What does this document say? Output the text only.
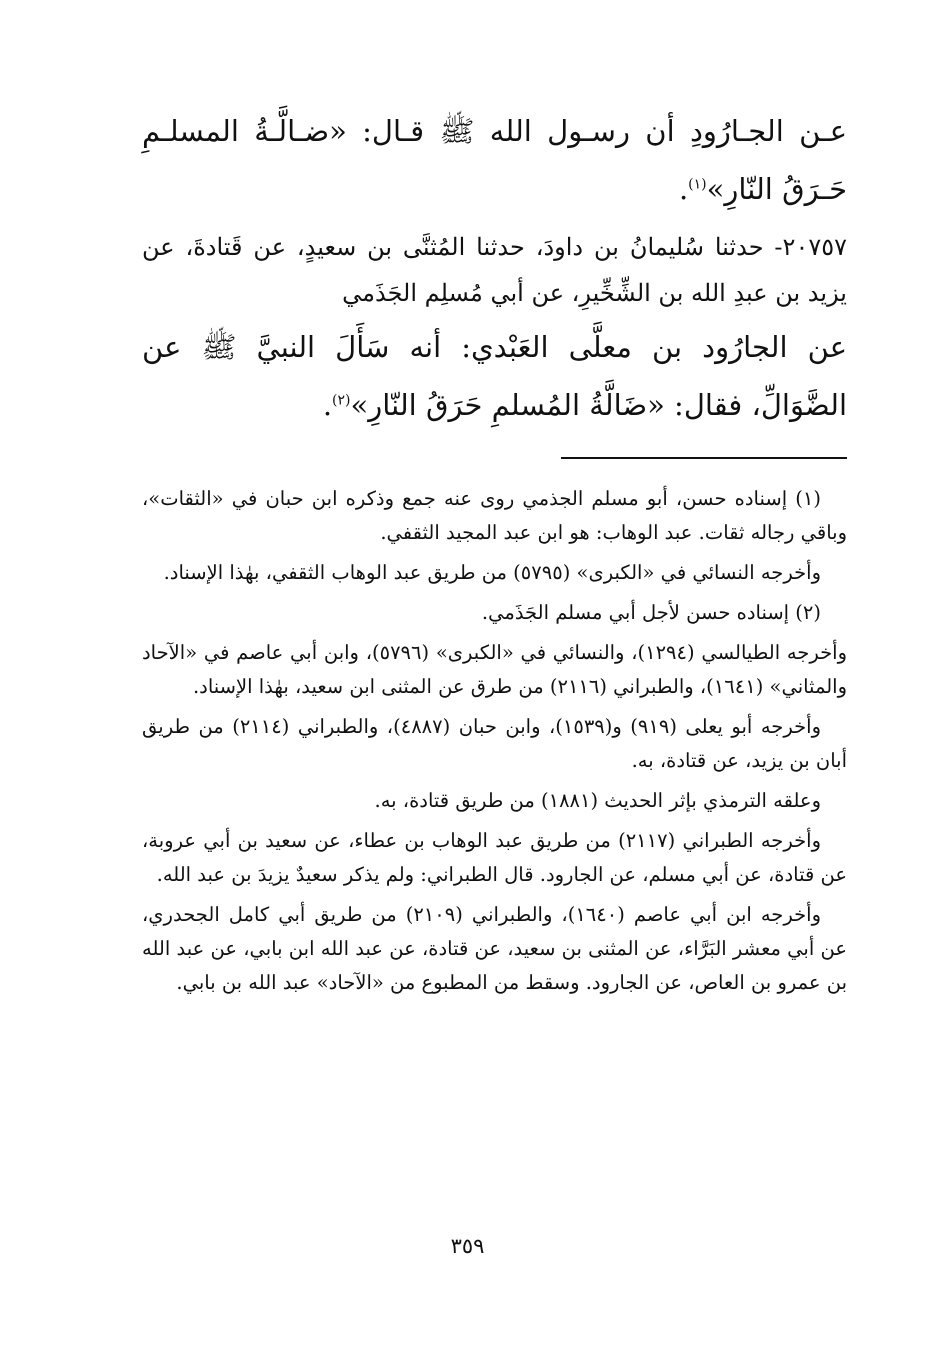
عـن الجـارُودِ أن رسـول الله ﷺ قـال: «ضـالَّـةُ المسلـمِ حَـرَقُ النّارِ»$^{(١)}$.

٢٠٧٥٧- حدثنا سُليمانُ بن داودَ، حدثنا المُثنَّى بن سعيدٍ، عن قَتادةَ، عن يزيد بن عبدِ الله بن الشِّخِّيرِ، عن أبي مُسلِم الجَذَمي

عن الجارُود بن معلَّى العَبْدي: أنه سَأَلَ النبيَّ ﷺ عن الضَّوَالِّ، فقال: «ضَالَّةُ المُسلمِ حَرَقُ النّارِ»$^{(٢)}$.

(١) إسناده حسن، أبو مسلم الجذمي روى عنه جمع وذكره ابن حبان في «الثقات»، وباقي رجاله ثقات. عبد الوهاب: هو ابن عبد المجيد الثقفي.

وأخرجه النسائي في «الكبرى» (٥٧٩٥) من طريق عبد الوهاب الثقفي، بهٰذا الإسناد.

(٢) إسناده حسن لأجل أبي مسلم الجَذَمي.

وأخرجه الطيالسي (١٢٩٤)، والنسائي في «الكبرى» (٥٧٩٦)، وابن أبي عاصم في «الآحاد والمثاني» (١٦٤١)، والطبراني (٢١١٦) من طرق عن المثنى ابن سعيد، بهٰذا الإسناد.

وأخرجه أبو يعلى (٩١٩) و(١٥٣٩)، وابن حبان (٤٨٨٧)، والطبراني (٢١١٤) من طريق أبان بن يزيد، عن قتادة، به.

وعلقه الترمذي بإثر الحديث (١٨٨١) من طريق قتادة، به.

وأخرجه الطبراني (٢١١٧) من طريق عبد الوهاب بن عطاء، عن سعيد بن أبي عروبة، عن قتادة، عن أبي مسلم، عن الجارود. قال الطبراني: ولم يذكر سعيدٌ يزيدَ بن عبد الله.

وأخرجه ابن أبي عاصم (١٦٤٠)، والطبراني (٢١٠٩) من طريق أبي كامل الجحدري، عن أبي معشر البَرَّاء، عن المثنى بن سعيد، عن قتادة، عن عبد الله ابن بابي، عن عبد الله بن عمرو بن العاص، عن الجارود. وسقط من المطبوع من «الآحاد» عبد الله بن بابي.

٣٥٩
